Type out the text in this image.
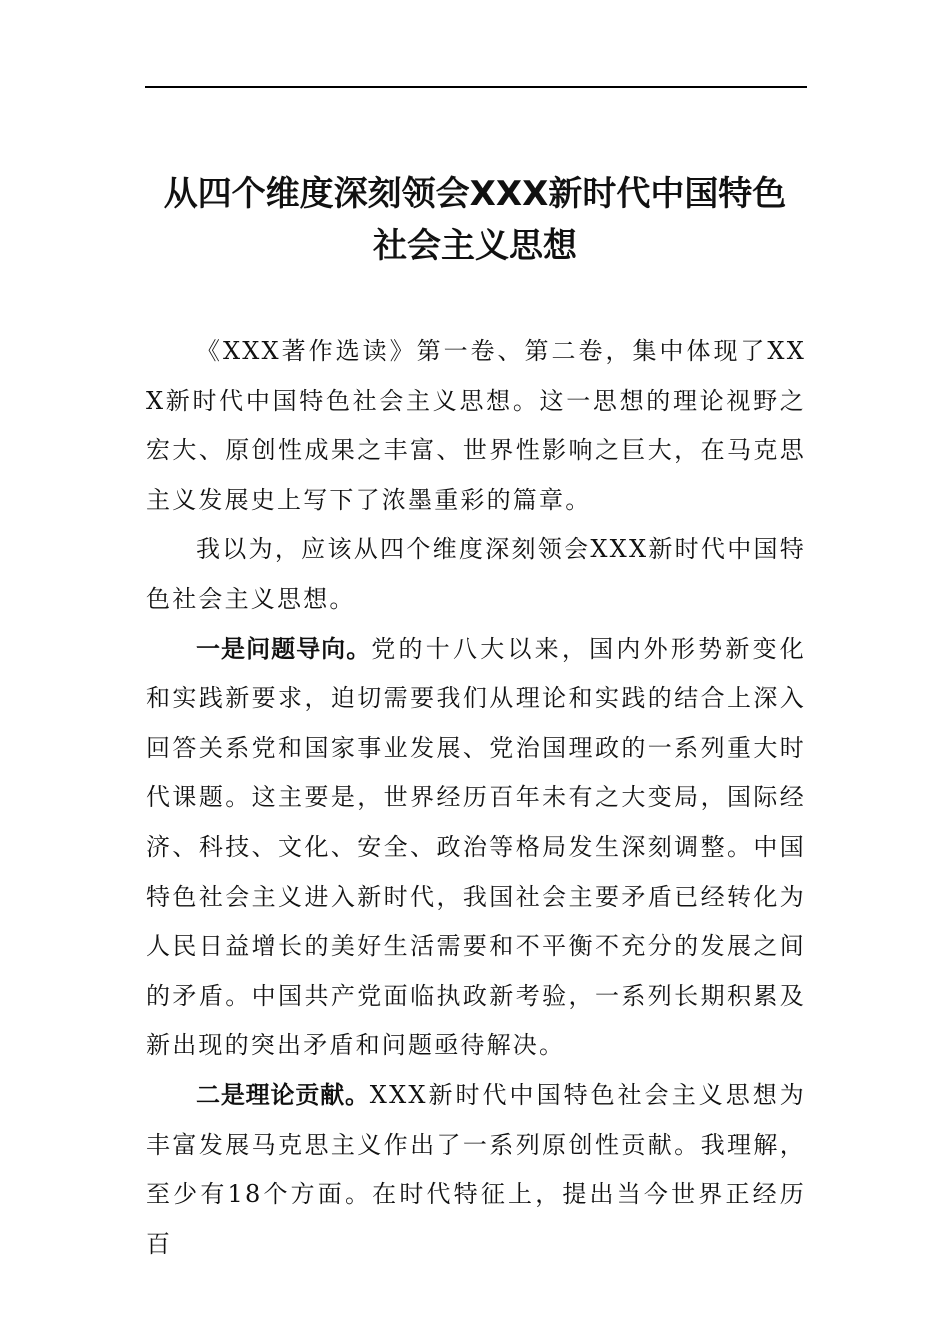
从四个维度深刻领会XXX新时代中国特色
社会主义思想

《XXX著作选读》第一卷、第二卷，集中体现了XXX新时代中国特色社会主义思想。这一思想的理论视野之宏大、原创性成果之丰富、世界性影响之巨大，在马克思主义发展史上写下了浓墨重彩的篇章。

我以为，应该从四个维度深刻领会XXX新时代中国特色社会主义思想。

一是问题导向。党的十八大以来，国内外形势新变化和实践新要求，迫切需要我们从理论和实践的结合上深入回答关系党和国家事业发展、党治国理政的一系列重大时代课题。这主要是，世界经历百年未有之大变局，国际经济、科技、文化、安全、政治等格局发生深刻调整。中国特色社会主义进入新时代，我国社会主要矛盾已经转化为人民日益增长的美好生活需要和不平衡不充分的发展之间的矛盾。中国共产党面临执政新考验，一系列长期积累及新出现的突出矛盾和问题亟待解决。

二是理论贡献。XXX新时代中国特色社会主义思想为丰富发展马克思主义作出了一系列原创性贡献。我理解，至少有18个方面。在时代特征上，提出当今世界正经历百
